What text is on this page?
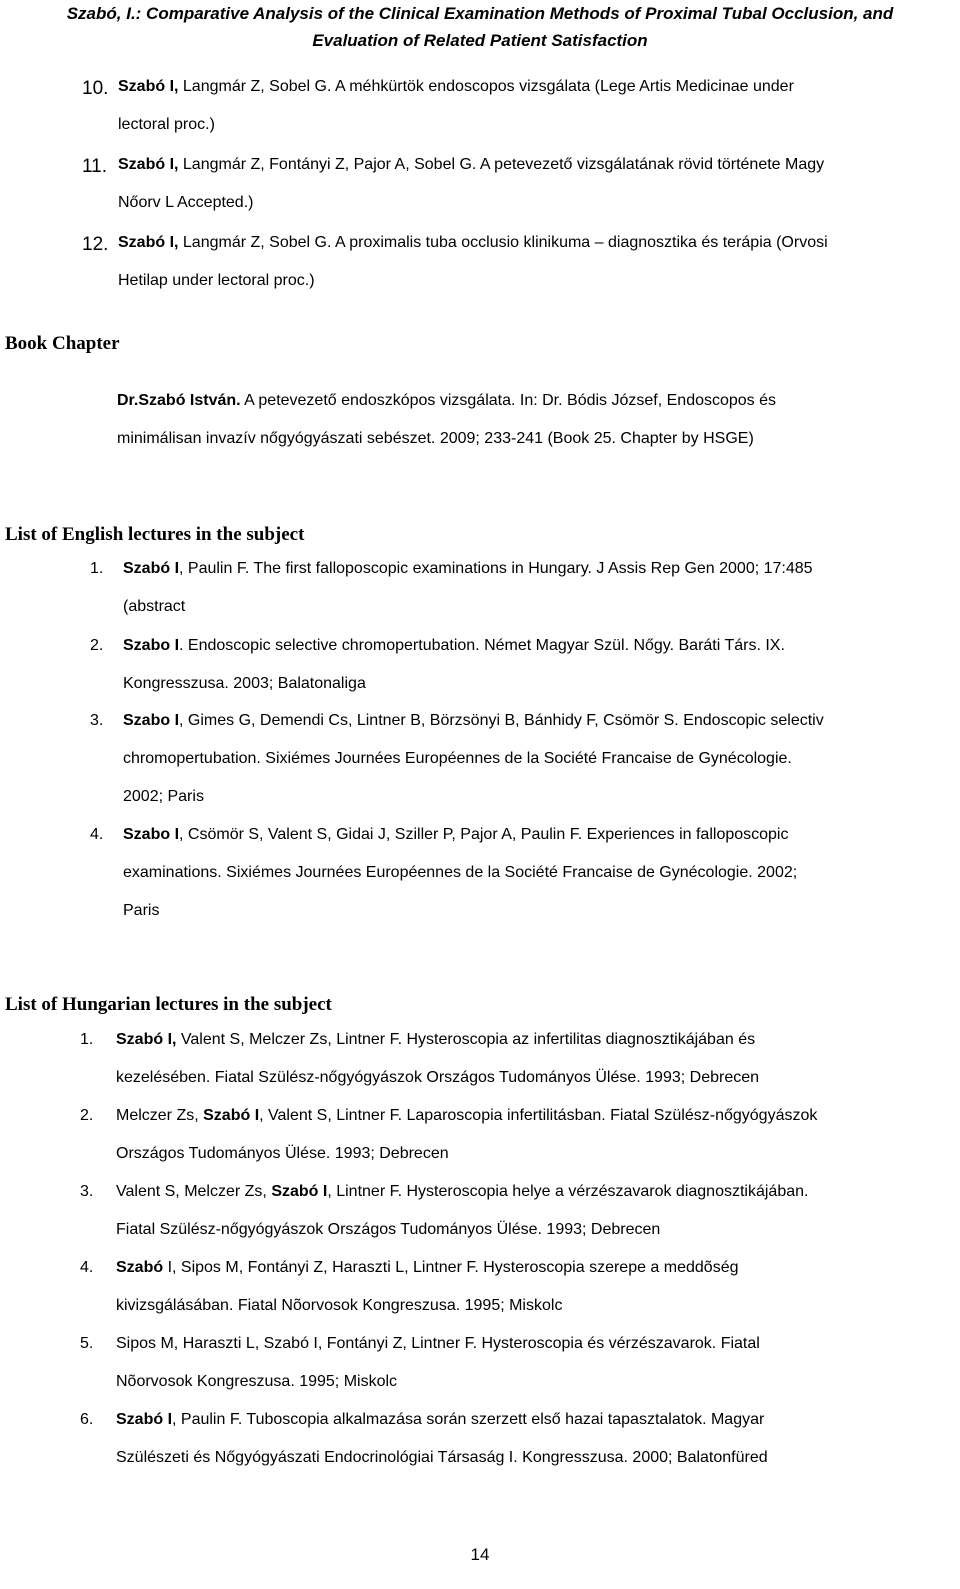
Szabó, I.: Comparative Analysis of the Clinical Examination Methods of Proximal Tubal Occlusion, and
Evaluation of Related Patient Satisfaction
10. Szabó I, Langmár Z, Sobel G. A méhkürtök endoscopos vizsgálata (Lege Artis Medicinae under
lectoral proc.)
11. Szabó I, Langmár Z, Fontányi Z, Pajor A, Sobel G. A petevezető vizsgálatának rövid története Magy
Nőorv L Accepted.)
12. Szabó I, Langmár Z, Sobel G. A proximalis tuba occlusio klinikuma – diagnosztika és terápia (Orvosi
Hetilap under lectoral proc.)
Book Chapter
Dr.Szabó István. A petevezető endoszkópos vizsgálata. In: Dr. Bódis József, Endoscopos és
minimálisan invazív nőgyógyászati sebészet. 2009; 233-241 (Book 25. Chapter by HSGE)
List of English lectures in the subject
1. Szabó I, Paulin F. The first falloposcopic examinations in Hungary. J Assis Rep Gen 2000; 17:485
(abstract
2. Szabo I. Endoscopic selective chromopertubation. Német Magyar Szül. Nőgy. Baráti Társ. IX.
Kongresszusa. 2003; Balatonaliga
3. Szabo I, Gimes G, Demendi Cs, Lintner B, Börzsönyi B, Bánhidy F, Csömör S. Endoscopic selectiv
chromopertubation. Sixiémes Journées Européennes de la Société Francaise de Gynécologie.
2002; Paris
4. Szabo I, Csömör S, Valent S, Gidai J, Sziller P, Pajor A, Paulin F. Experiences in falloposcopic
examinations. Sixiémes Journées Européennes de la Société Francaise de Gynécologie. 2002;
Paris
List of Hungarian lectures in the subject
1. Szabó I, Valent S, Melczer Zs, Lintner F. Hysteroscopia az infertilitas diagnosztikájában és
kezelésében. Fiatal Szülész-nőgyógyászok Országos Tudományos Ülése. 1993; Debrecen
2. Melczer Zs, Szabó I, Valent S, Lintner F. Laparoscopia infertilitásban. Fiatal Szülész-nőgyógyászok
Országos Tudományos Ülése. 1993; Debrecen
3. Valent S, Melczer Zs, Szabó I, Lintner F. Hysteroscopia helye a vérzészavarok diagnosztikájában.
Fiatal Szülész-nőgyógyászok Országos Tudományos Ülése. 1993; Debrecen
4. Szabó I, Sipos M, Fontányi Z, Haraszti L, Lintner F. Hysteroscopia szerepe a meddõség
kivizsgálásában. Fiatal Nõorvosok Kongreszusa. 1995; Miskolc
5. Sipos M, Haraszti L, Szabó I, Fontányi Z, Lintner F. Hysteroscopia és vérzészavarok. Fiatal
Nõorvosok Kongreszusa. 1995; Miskolc
6. Szabó I, Paulin F. Tuboscopia alkalmazása során szerzett első hazai tapasztalatok. Magyar
Szülészeti és Nőgyógyászati Endocrinológiai Társaság I. Kongresszusa. 2000; Balatonfüred
14
